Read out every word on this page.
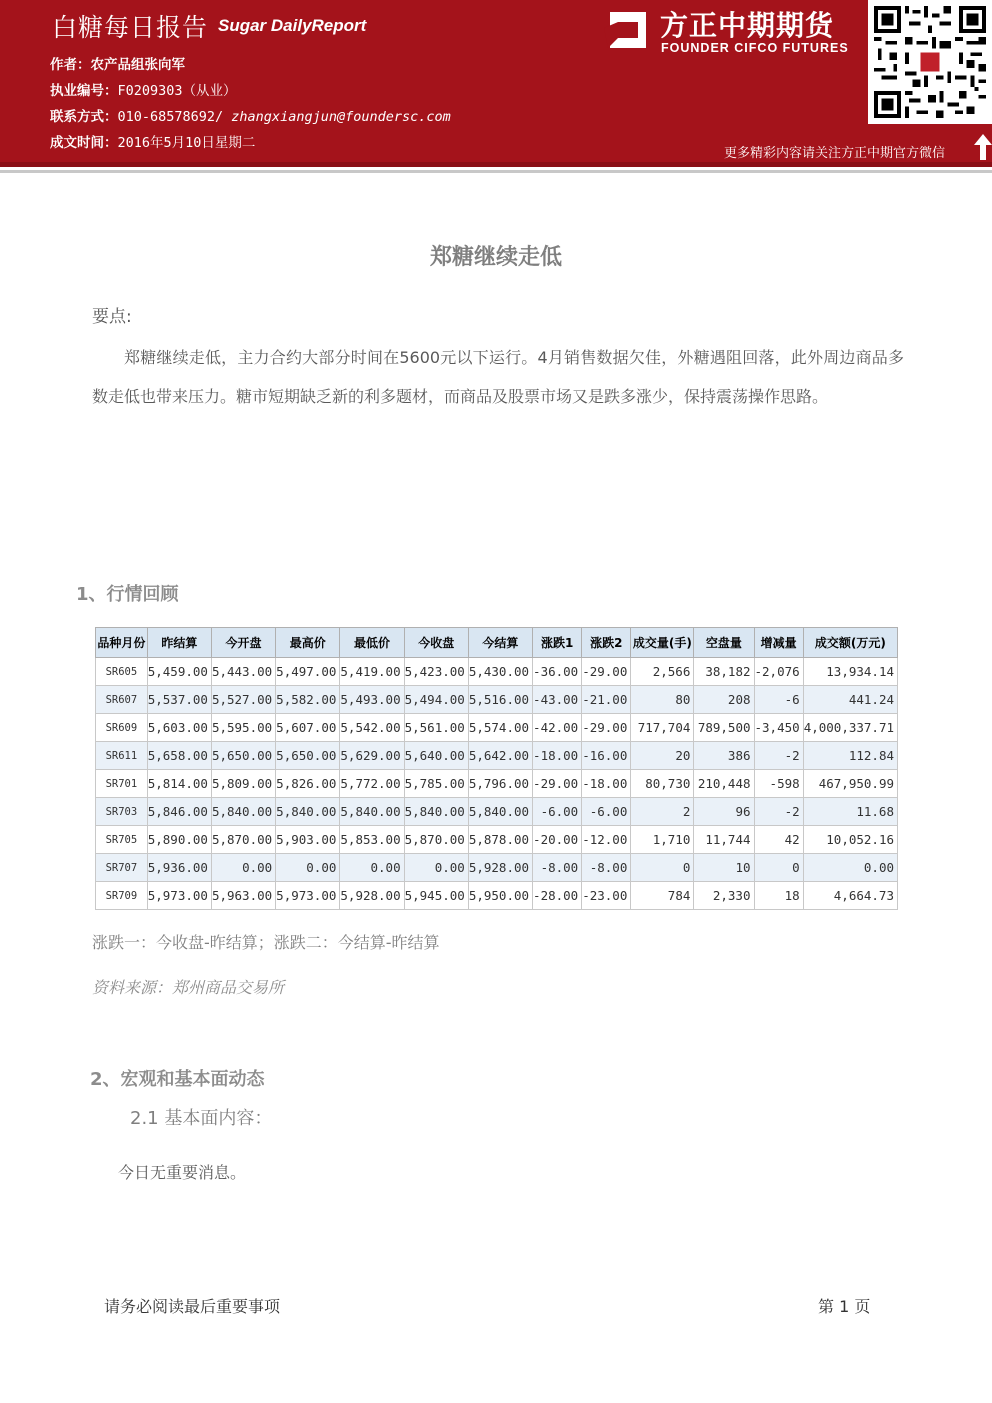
白糖每日报告 Sugar DailyReport
作者：农产品组张向军
执业编号：F0209303（从业）
联系方式：010-68578692/ zhangxiangjun@foundersc.com
成文时间：2016年5月10日星期二
方正中期期货
FOUNDER CIFCO FUTURES
更多精彩内容请关注方正中期官方微信
郑糖继续走低
要点:
郑糖继续走低，主力合约大部分时间在5600元以下运行。4月销售数据欠佳，外糖遇阻回落，此外周边商品多数走低也带来压力。糖市短期缺乏新的利多题材，而商品及股票市场又是跌多涨少，保持震荡操作思路。
1、行情回顾
品种月份	昨结算	今开盘	最高价	最低价	今收盘	今结算	涨跌1	涨跌2	成交量(手)	空盘量	增减量	成交额(万元)
SR605	5,459.00	5,443.00	5,497.00	5,419.00	5,423.00	5,430.00	-36.00	-29.00	2,566	38,182	-2,076	13,934.14
SR607	5,537.00	5,527.00	5,582.00	5,493.00	5,494.00	5,516.00	-43.00	-21.00	80	208	-6	441.24
SR609	5,603.00	5,595.00	5,607.00	5,542.00	5,561.00	5,574.00	-42.00	-29.00	717,704	789,500	-3,450	4,000,337.71
SR611	5,658.00	5,650.00	5,650.00	5,629.00	5,640.00	5,642.00	-18.00	-16.00	20	386	-2	112.84
SR701	5,814.00	5,809.00	5,826.00	5,772.00	5,785.00	5,796.00	-29.00	-18.00	80,730	210,448	-598	467,950.99
SR703	5,846.00	5,840.00	5,840.00	5,840.00	5,840.00	5,840.00	-6.00	-6.00	2	96	-2	11.68
SR705	5,890.00	5,870.00	5,903.00	5,853.00	5,870.00	5,878.00	-20.00	-12.00	1,710	11,744	42	10,052.16
SR707	5,936.00	0.00	0.00	0.00	0.00	5,928.00	-8.00	-8.00	0	10	0	0.00
SR709	5,973.00	5,963.00	5,973.00	5,928.00	5,945.00	5,950.00	-28.00	-23.00	784	2,330	18	4,664.73
涨跌一：今收盘-昨结算；涨跌二：今结算-昨结算
资料来源：郑州商品交易所
2、宏观和基本面动态
2.1 基本面内容：
今日无重要消息。
请务必阅读最后重要事项	第 1 页
